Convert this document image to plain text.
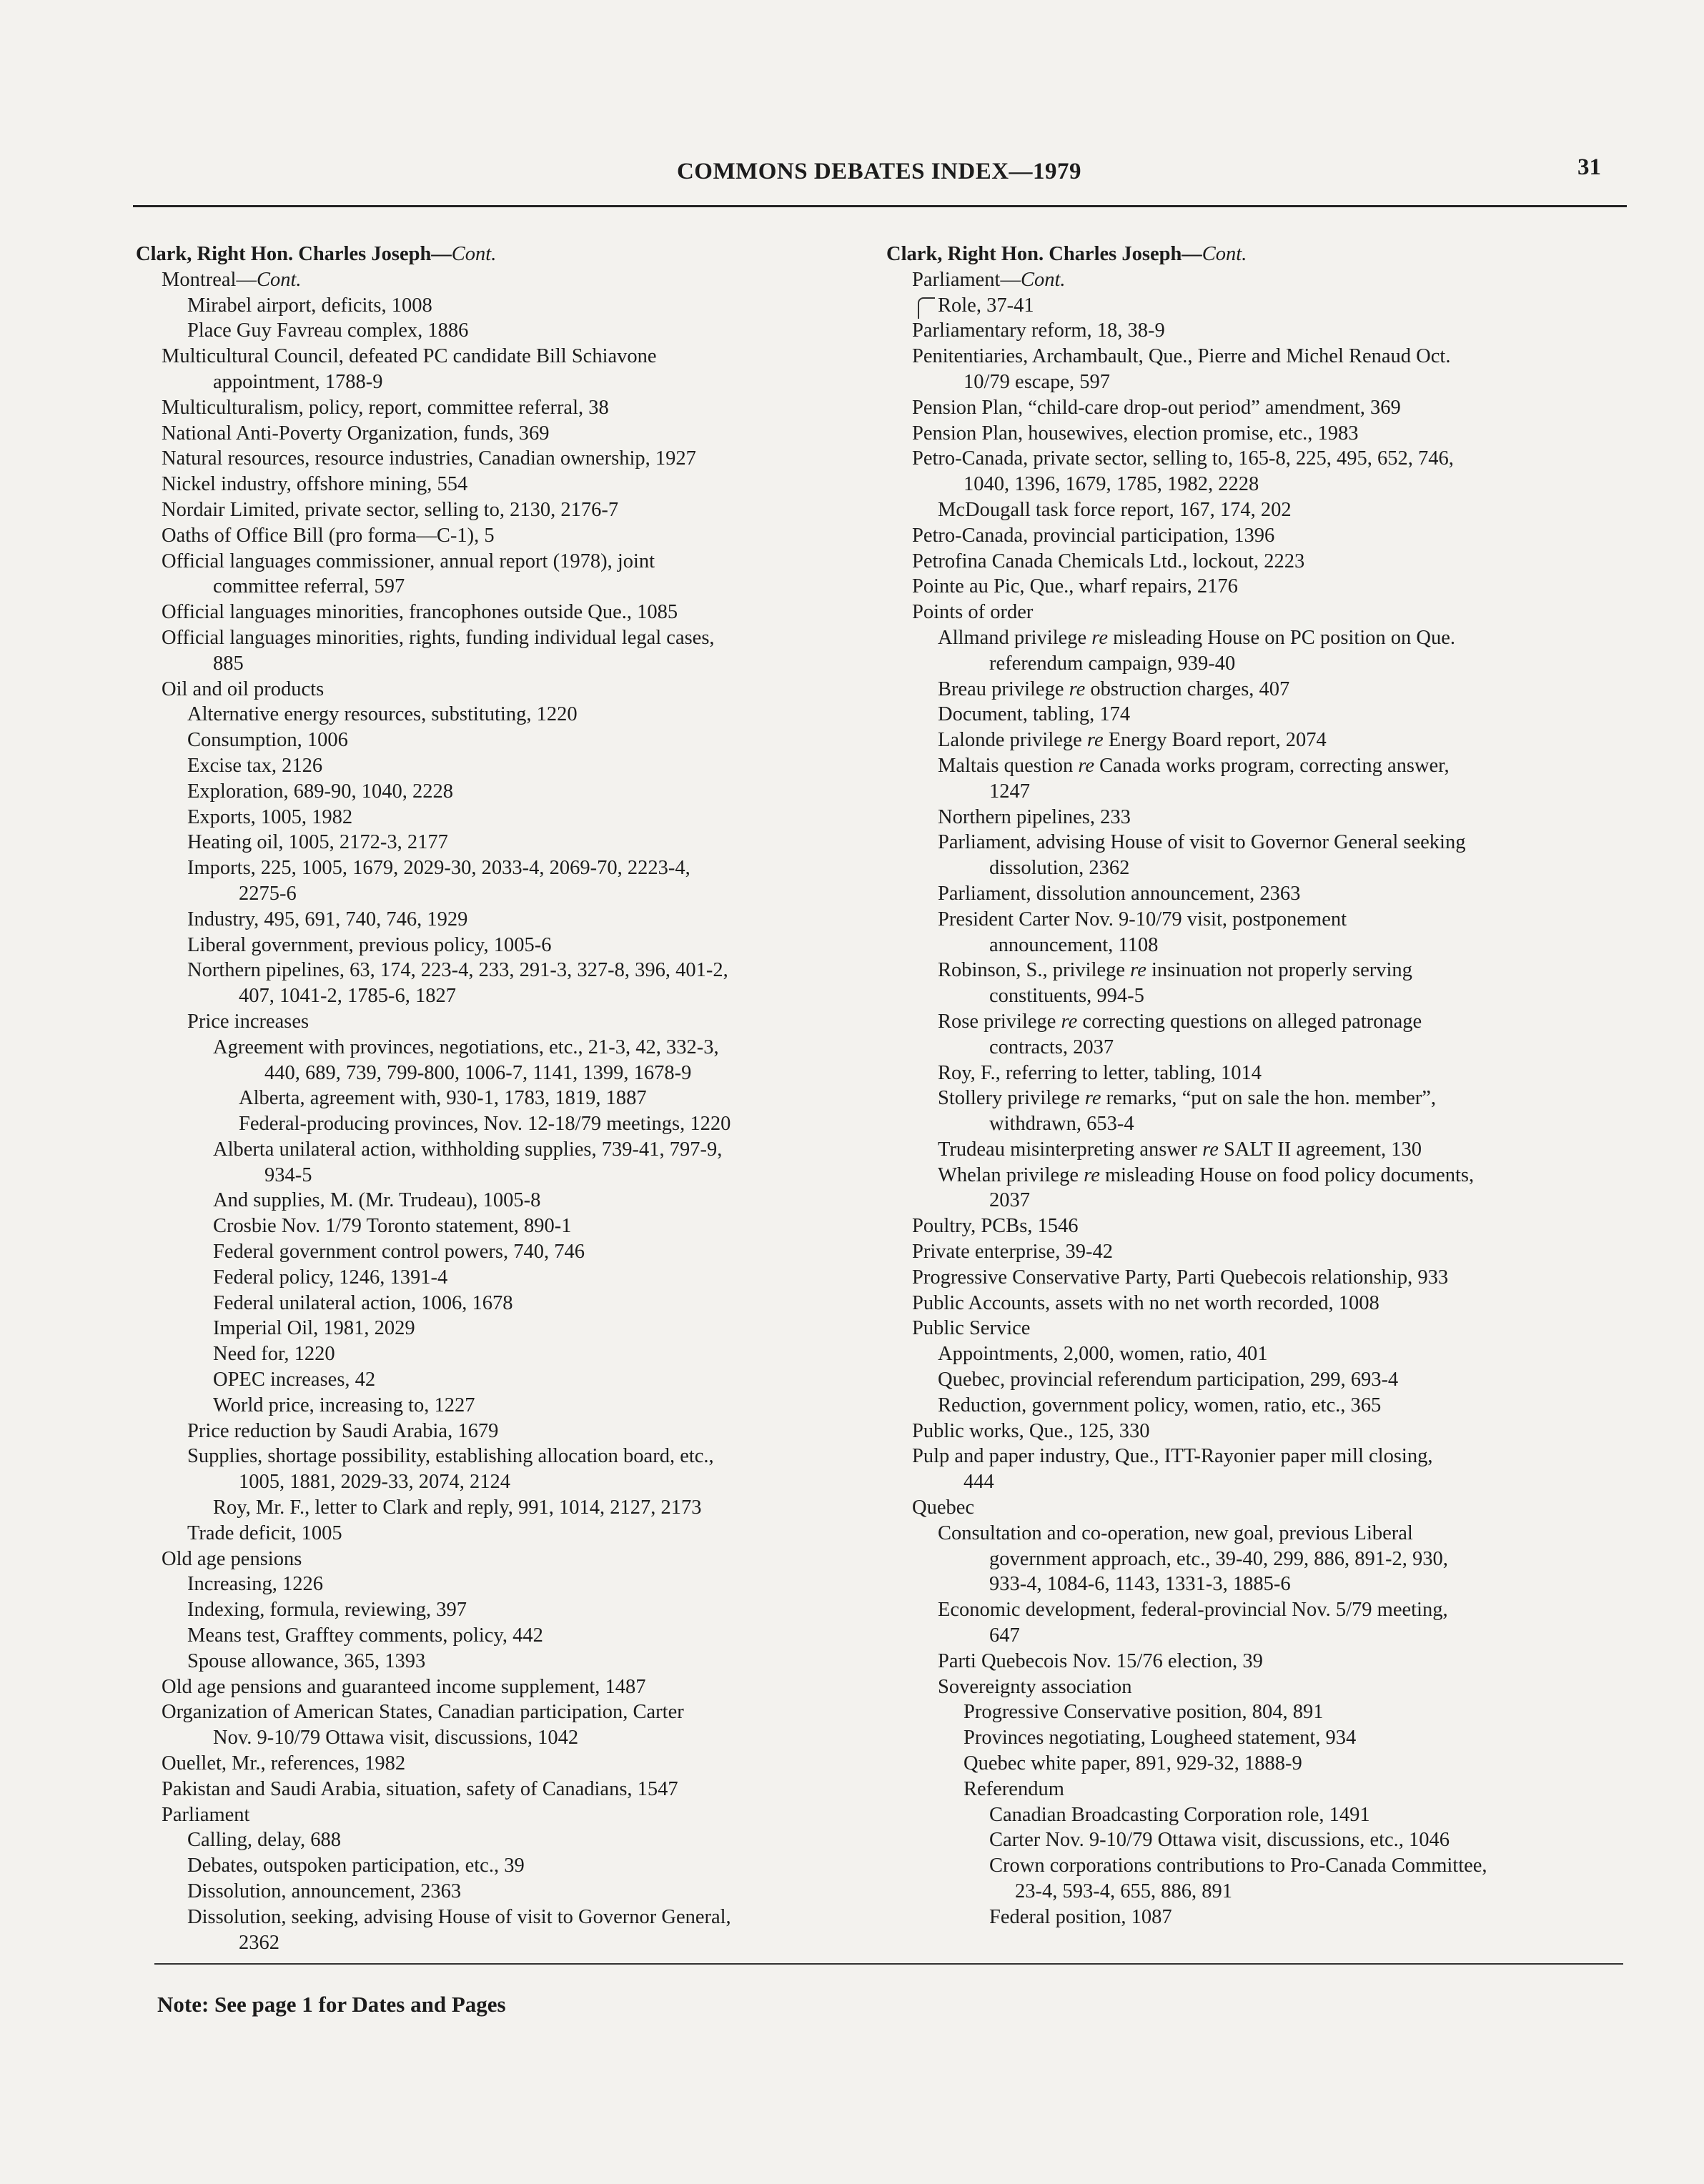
COMMONS DEBATES INDEX—1979	31
Clark, Right Hon. Charles Joseph—Cont.
Montreal—Cont.
Mirabel airport, deficits, 1008
Place Guy Favreau complex, 1886
Multicultural Council, defeated PC candidate Bill Schiavone
appointment, 1788-9
Multiculturalism, policy, report, committee referral, 38
National Anti-Poverty Organization, funds, 369
Natural resources, resource industries, Canadian ownership, 1927
Nickel industry, offshore mining, 554
Nordair Limited, private sector, selling to, 2130, 2176-7
Oaths of Office Bill (pro forma—C-1), 5
Official languages commissioner, annual report (1978), joint
committee referral, 597
Official languages minorities, francophones outside Que., 1085
Official languages minorities, rights, funding individual legal cases,
885
Oil and oil products
Alternative energy resources, substituting, 1220
Consumption, 1006
Excise tax, 2126
Exploration, 689-90, 1040, 2228
Exports, 1005, 1982
Heating oil, 1005, 2172-3, 2177
Imports, 225, 1005, 1679, 2029-30, 2033-4, 2069-70, 2223-4,
2275-6
Industry, 495, 691, 740, 746, 1929
Liberal government, previous policy, 1005-6
Northern pipelines, 63, 174, 223-4, 233, 291-3, 327-8, 396, 401-2,
407, 1041-2, 1785-6, 1827
Price increases
Agreement with provinces, negotiations, etc., 21-3, 42, 332-3,
440, 689, 739, 799-800, 1006-7, 1141, 1399, 1678-9
Alberta, agreement with, 930-1, 1783, 1819, 1887
Federal-producing provinces, Nov. 12-18/79 meetings, 1220
Alberta unilateral action, withholding supplies, 739-41, 797-9,
934-5
And supplies, M. (Mr. Trudeau), 1005-8
Crosbie Nov. 1/79 Toronto statement, 890-1
Federal government control powers, 740, 746
Federal policy, 1246, 1391-4
Federal unilateral action, 1006, 1678
Imperial Oil, 1981, 2029
Need for, 1220
OPEC increases, 42
World price, increasing to, 1227
Price reduction by Saudi Arabia, 1679
Supplies, shortage possibility, establishing allocation board, etc.,
1005, 1881, 2029-33, 2074, 2124
Roy, Mr. F., letter to Clark and reply, 991, 1014, 2127, 2173
Trade deficit, 1005
Old age pensions
Increasing, 1226
Indexing, formula, reviewing, 397
Means test, Grafftey comments, policy, 442
Spouse allowance, 365, 1393
Old age pensions and guaranteed income supplement, 1487
Organization of American States, Canadian participation, Carter
Nov. 9-10/79 Ottawa visit, discussions, 1042
Ouellet, Mr., references, 1982
Pakistan and Saudi Arabia, situation, safety of Canadians, 1547
Parliament
Calling, delay, 688
Debates, outspoken participation, etc., 39
Dissolution, announcement, 2363
Dissolution, seeking, advising House of visit to Governor General,
2362
Clark, Right Hon. Charles Joseph—Cont.
Parliament—Cont.
Role, 37-41
Parliamentary reform, 18, 38-9
Penitentiaries, Archambault, Que., Pierre and Michel Renaud Oct.
10/79 escape, 597
Pension Plan, “child-care drop-out period” amendment, 369
Pension Plan, housewives, election promise, etc., 1983
Petro-Canada, private sector, selling to, 165-8, 225, 495, 652, 746,
1040, 1396, 1679, 1785, 1982, 2228
McDougall task force report, 167, 174, 202
Petro-Canada, provincial participation, 1396
Petrofina Canada Chemicals Ltd., lockout, 2223
Pointe au Pic, Que., wharf repairs, 2176
Points of order
Allmand privilege re misleading House on PC position on Que.
referendum campaign, 939-40
Breau privilege re obstruction charges, 407
Document, tabling, 174
Lalonde privilege re Energy Board report, 2074
Maltais question re Canada works program, correcting answer,
1247
Northern pipelines, 233
Parliament, advising House of visit to Governor General seeking
dissolution, 2362
Parliament, dissolution announcement, 2363
President Carter Nov. 9-10/79 visit, postponement
announcement, 1108
Robinson, S., privilege re insinuation not properly serving
constituents, 994-5
Rose privilege re correcting questions on alleged patronage
contracts, 2037
Roy, F., referring to letter, tabling, 1014
Stollery privilege re remarks, “put on sale the hon. member”,
withdrawn, 653-4
Trudeau misinterpreting answer re SALT II agreement, 130
Whelan privilege re misleading House on food policy documents,
2037
Poultry, PCBs, 1546
Private enterprise, 39-42
Progressive Conservative Party, Parti Quebecois relationship, 933
Public Accounts, assets with no net worth recorded, 1008
Public Service
Appointments, 2,000, women, ratio, 401
Quebec, provincial referendum participation, 299, 693-4
Reduction, government policy, women, ratio, etc., 365
Public works, Que., 125, 330
Pulp and paper industry, Que., ITT-Rayonier paper mill closing,
444
Quebec
Consultation and co-operation, new goal, previous Liberal
government approach, etc., 39-40, 299, 886, 891-2, 930,
933-4, 1084-6, 1143, 1331-3, 1885-6
Economic development, federal-provincial Nov. 5/79 meeting,
647
Parti Quebecois Nov. 15/76 election, 39
Sovereignty association
Progressive Conservative position, 804, 891
Provinces negotiating, Lougheed statement, 934
Quebec white paper, 891, 929-32, 1888-9
Referendum
Canadian Broadcasting Corporation role, 1491
Carter Nov. 9-10/79 Ottawa visit, discussions, etc., 1046
Crown corporations contributions to Pro-Canada Committee,
23-4, 593-4, 655, 886, 891
Federal position, 1087
Note: See page 1 for Dates and Pages
